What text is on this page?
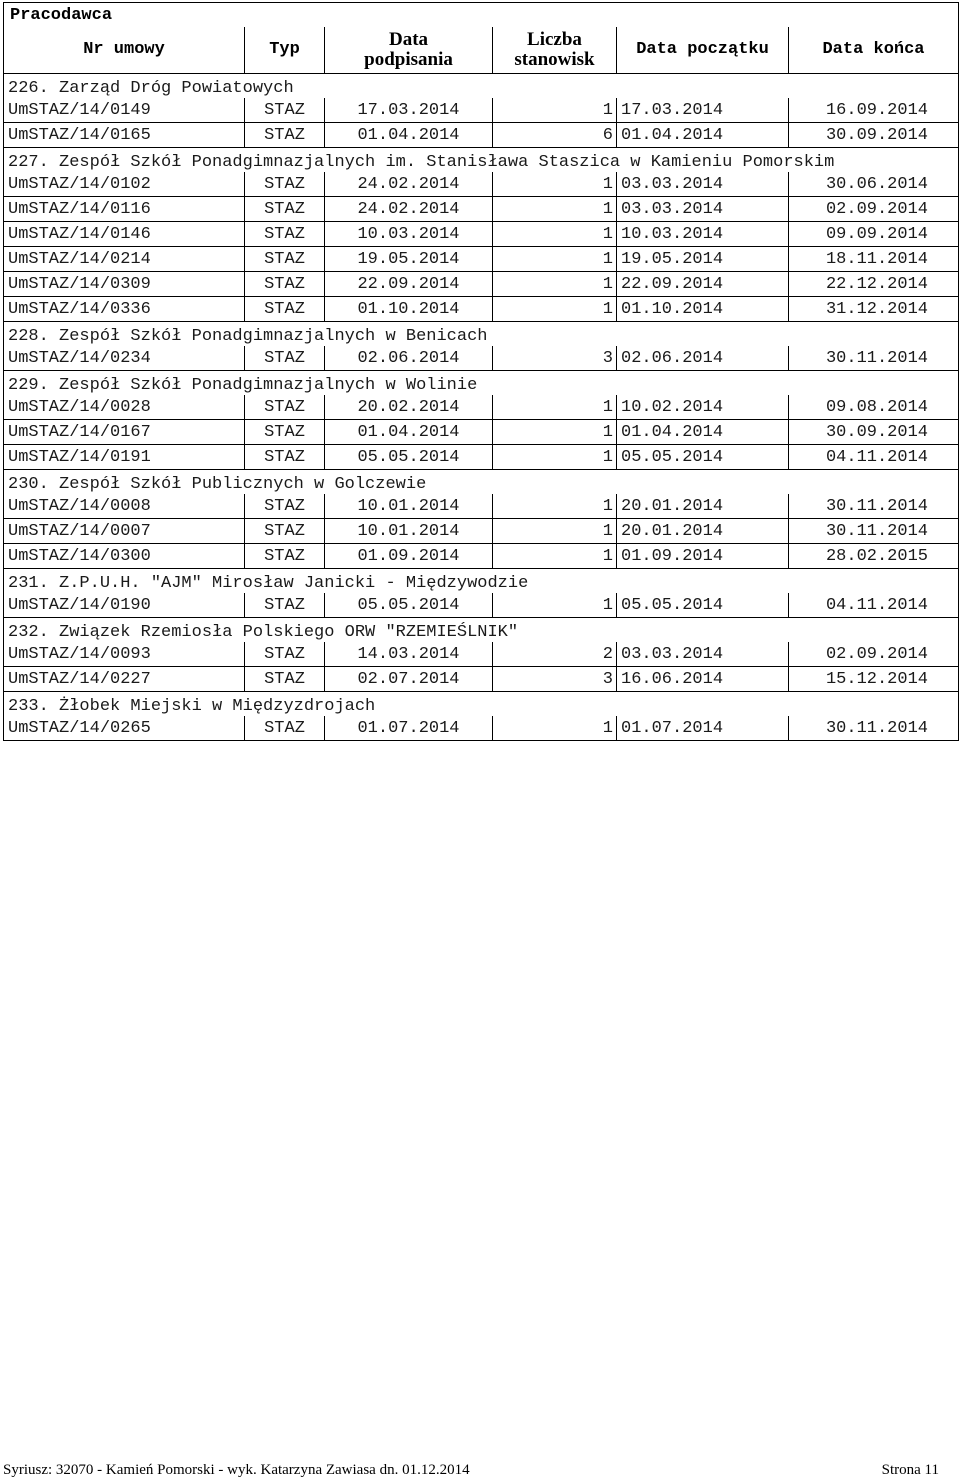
Pracodawca					
Nr umowy	Typ	Data podpisania	Liczba stanowisk	Data początku	Data końca
226. Zarząd Dróg Powiatowych					
UmSTAZ/14/0149	STAZ	17.03.2014	1	17.03.2014	16.09.2014
UmSTAZ/14/0165	STAZ	01.04.2014	6	01.04.2014	30.09.2014
227. Zespół Szkół Ponadgimnazjalnych im. Stanisława Staszica w Kamieniu Pomorskim					
UmSTAZ/14/0102	STAZ	24.02.2014	1	03.03.2014	30.06.2014
UmSTAZ/14/0116	STAZ	24.02.2014	1	03.03.2014	02.09.2014
UmSTAZ/14/0146	STAZ	10.03.2014	1	10.03.2014	09.09.2014
UmSTAZ/14/0214	STAZ	19.05.2014	1	19.05.2014	18.11.2014
UmSTAZ/14/0309	STAZ	22.09.2014	1	22.09.2014	22.12.2014
UmSTAZ/14/0336	STAZ	01.10.2014	1	01.10.2014	31.12.2014
228. Zespół Szkół Ponadgimnazjalnych w Benicach					
UmSTAZ/14/0234	STAZ	02.06.2014	3	02.06.2014	30.11.2014
229. Zespół Szkół Ponadgimnazjalnych w Wolinie					
UmSTAZ/14/0028	STAZ	20.02.2014	1	10.02.2014	09.08.2014
UmSTAZ/14/0167	STAZ	01.04.2014	1	01.04.2014	30.09.2014
UmSTAZ/14/0191	STAZ	05.05.2014	1	05.05.2014	04.11.2014
230. Zespół Szkół Publicznych w Golczewie					
UmSTAZ/14/0008	STAZ	10.01.2014	1	20.01.2014	30.11.2014
UmSTAZ/14/0007	STAZ	10.01.2014	1	20.01.2014	30.11.2014
UmSTAZ/14/0300	STAZ	01.09.2014	1	01.09.2014	28.02.2015
231. Z.P.U.H. "AJM" Mirosław Janicki - Międzywodzie					
UmSTAZ/14/0190	STAZ	05.05.2014	1	05.05.2014	04.11.2014
232. Związek Rzemiosła Polskiego ORW "RZEMIEŚLNIK"					
UmSTAZ/14/0093	STAZ	14.03.2014	2	03.03.2014	02.09.2014
UmSTAZ/14/0227	STAZ	02.07.2014	3	16.06.2014	15.12.2014
233. Żłobek Miejski w Międzyzdrojach					
UmSTAZ/14/0265	STAZ	01.07.2014	1	01.07.2014	30.11.2014
Syriusz: 32070 - Kamień Pomorski - wyk. Katarzyna Zawiasa dn. 01.12.2014	Strona 11
